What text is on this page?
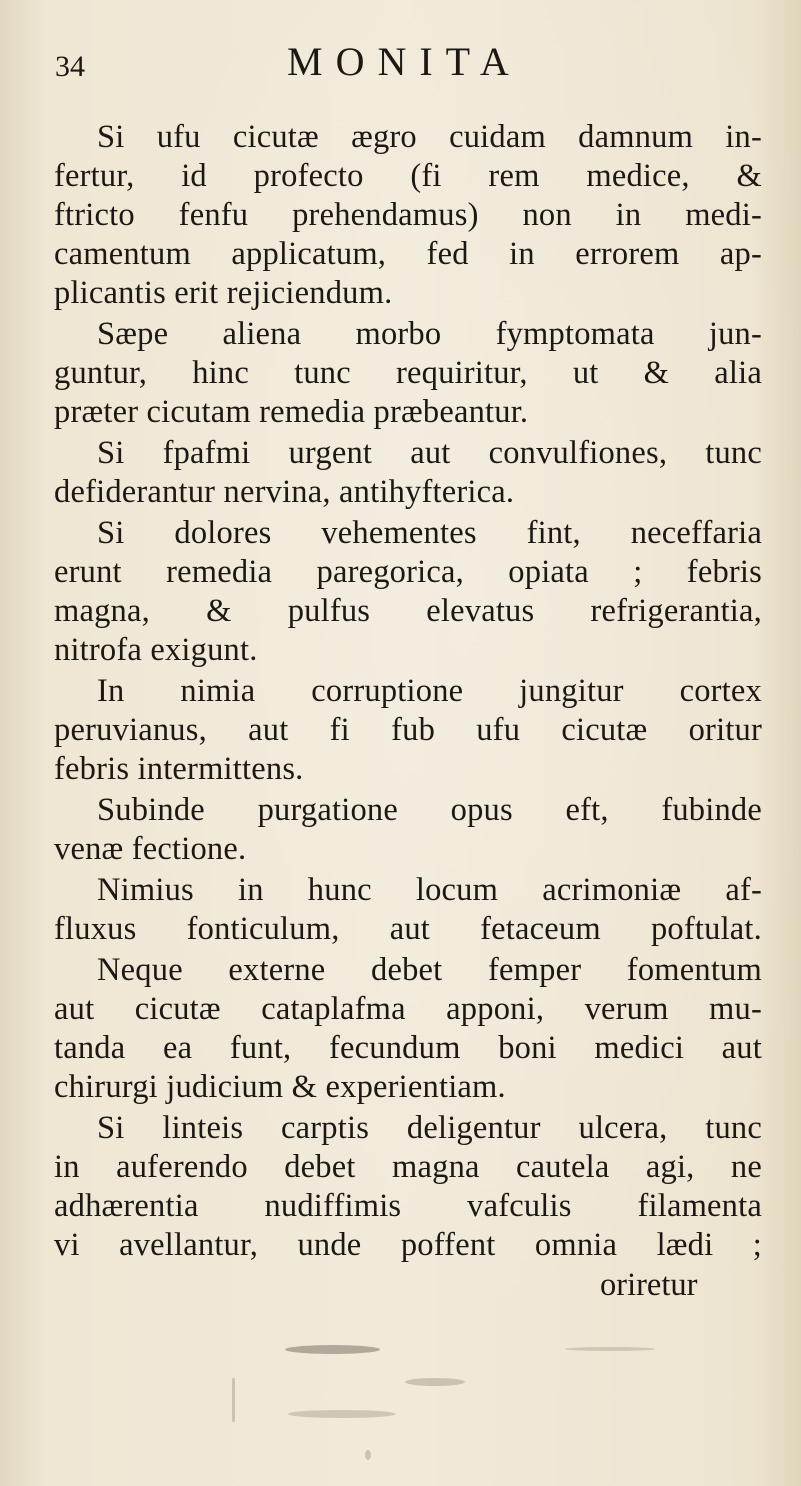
34	MONITA
Si ufu cicutæ ægro cuidam damnum in-
fertur, id profecto (fi rem medice, &
ftricto fenfu prehendamus) non in medi-
camentum applicatum, fed in errorem ap-
plicantis erit rejiciendum.
Sæpe aliena morbo fymptomata jun-
guntur, hinc tunc requiritur, ut & alia
præter cicutam remedia præbeantur.
Si fpafmi urgent aut convulfiones, tunc
defiderantur nervina, antihyfterica.
Si dolores vehementes fint, neceffaria
erunt remedia paregorica, opiata ; febris
magna, & pulfus elevatus refrigerantia,
nitrofa exigunt.
In nimia corruptione jungitur cortex
peruvianus, aut fi fub ufu cicutæ oritur
febris intermittens.
Subinde purgatione opus eft, fubinde
venæ fectione.
Nimius in hunc locum acrimoniæ af-
fluxus fonticulum, aut fetaceum poftulat.
Neque externe debet femper fomentum
aut cicutæ cataplafma apponi, verum mu-
tanda ea funt, fecundum boni medici aut
chirurgi judicium & experientiam.
Si linteis carptis deligentur ulcera, tunc
in auferendo debet magna cautela agi, ne
adhærentia nudiffimis vafculis filamenta
vi avellantur, unde poffent omnia lædi ;
oriretur
